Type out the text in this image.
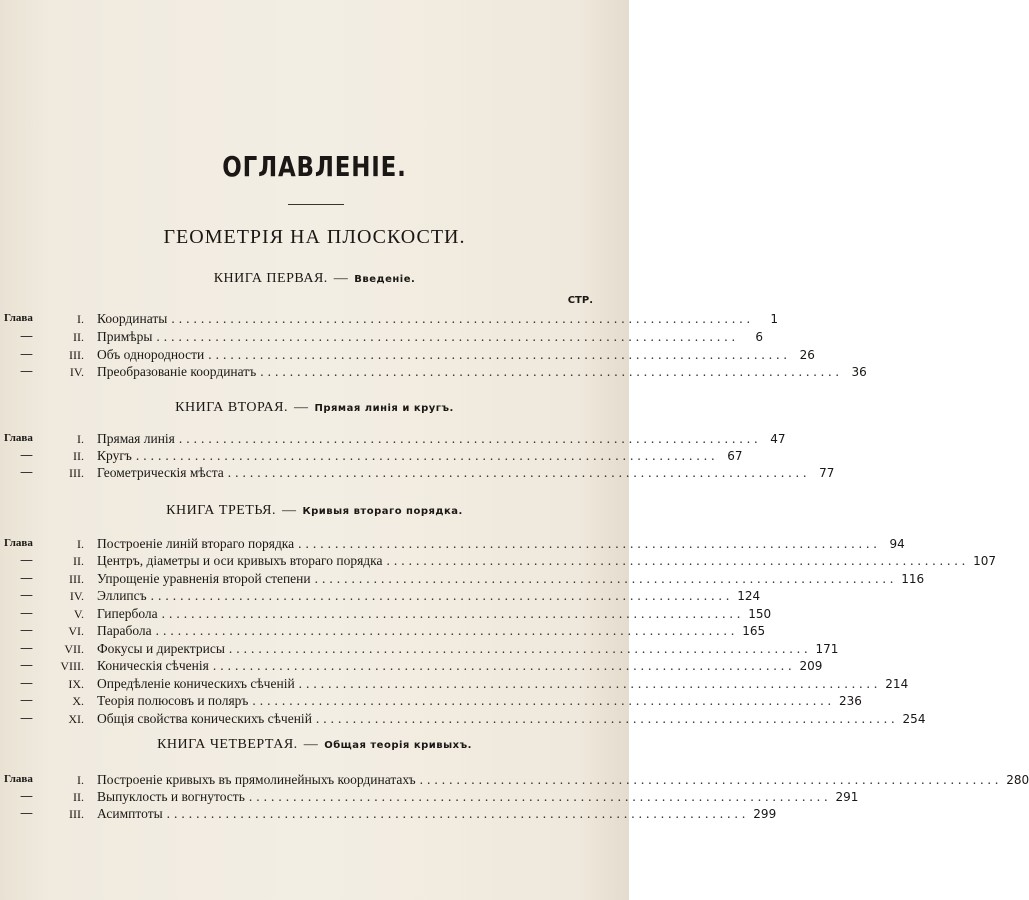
ОГЛАВЛЕНIЕ.
ГЕОМЕТРIЯ НА ПЛОСКОСТИ.
КНИГА ПЕРВАЯ. — Введенiе.
СТР.
Глава	I. Координаты ...............................................................................	1
—	II. Примѣры ...............................................................................	6
—	III. Объ однородности ............................................................................... 26
—	IV. Преобразованiе координатъ ............................................................................... 36
КНИГА ВТОРАЯ. — Прямая линiя и кругъ.
Глава	I. Прямая линiя ............................................................................... 47
—	II. Кругъ ............................................................................... 67
—	III. Геометрическiя мѣста ............................................................................... 77
КНИГА ТРЕТЬЯ. — Кривыя втораго порядка.
Глава	I. Построенiе линiй втораго порядка ............................................................................... 94
—	II. Центръ, дiаметры и оси кривыхъ втораго порядка ............................................................................... 107
—	III. Упрощенiе уравненiя второй степени ............................................................................... 116
—	IV. Эллипсъ ............................................................................... 124
—	V. Гипербола ............................................................................... 150
—	VI. Парабола ............................................................................... 165
—	VII. Фокусы и директрисы ............................................................................... 171
— VIII. Коническiя сѣченiя ............................................................................... 209
—	IX. Опредѣленiе коническихъ сѣченiй ............................................................................... 214
—	X. Теорiя полюсовъ и поляръ ............................................................................... 236
—	XI. Общiя свойства коническихъ сѣченiй ............................................................................... 254
КНИГА ЧЕТВЕРТАЯ. — Общая теорiя кривыхъ.
Глава	I. Построенiе кривыхъ въ прямолинейныхъ координатахъ ............................................................................... 280
—	II. Выпуклость и вогнутость ............................................................................... 291
—	III. Асимптоты ............................................................................... 299
